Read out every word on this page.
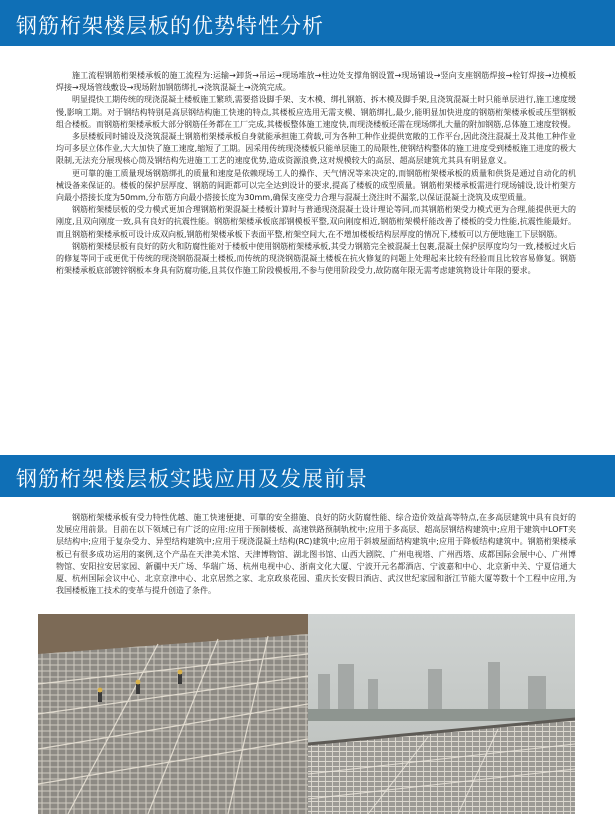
钢筋桁架楼层板的优势特性分析

施工流程钢筋桁架楼承板的施工流程为:运输→卸货→吊运→现场堆放→柱边处支撑角钢设置→现场铺设→竖向支座钢筋焊接→栓钉焊接→边模板焊接→现场管线敷设→现场附加钢筋绑扎→浇筑混凝土→浇筑完成。

明显提快工期传统的现浇混凝土楼板施工繁琐,需要搭设脚手架、支木模、绑扎钢筋、拆木模及脚手架,且浇筑混凝土时只能单层进行,施工速度缓慢,影响工期。对于钢结构特别是高层钢结构施工快速的特点,其楼板应选用无需支模、钢筋绑扎,最少,能明显加快进度的钢筋桁架楼承板或压型钢板组合楼板。而钢筋桁架楼承板大部分钢筋任务都在工厂完成,其楼板整体施工速度快,而现浇楼板还需在现场绑扎大量的附加钢筋,总体施工速度较慢。

多层楼板同时铺设及浇筑混凝土钢筋桁架楼承板自身就能承担施工荷载,可为各种工种作业提供宽敞的工作平台,因此浇注混凝土及其他工种作业均可多层立体作业,大大加快了施工速度,缩短了工期。因采用传统现浇楼板只能单层施工的局限性,使钢结构整体的施工进度受到楼板施工进度的极大限制,无法充分展现核心筒及钢结构先进施工工艺的速度优势,造成资源浪费,这对规模较大的高层、超高层建筑尤其具有明显意义。

更可靠的施工质量现场钢筋绑扎的质量和速度是依赖现场工人的操作、天气情况等来决定的,而钢筋桁架楼承板的质量和供货是通过自动化的机械设备来保证的。楼板的保护层厚度、钢筋的间距都可以完全达到设计的要求,提高了楼板的成型质量。钢筋桁架楼承板需进行现场铺设,设计桁架方向最小搭接长度为50mm,分布筋方向最小搭接长度为30mm,确保支座受力合理与混凝土浇注时不漏浆,以保证混凝土浇筑及成型质量。

钢筋桁架楼层板的受力模式更加合理钢筋桁架混凝土楼板计算时与普通现浇混凝土设计理论等同,而其钢筋桁架受力模式更为合理,能提供更大的刚度,且双向刚度一致,具有良好的抗震性能。钢筋桁架楼承板底部钢模板平整,双向刚度相近,钢筋桁架模杆能改善了楼板的受力性能,抗震性能最好。而且钢筋桁架楼承板可设计成双向板,钢筋桁架楼承板下表面平整,桁架空间大,在不增加楼板结构层厚度的情况下,楼板可以方便地施工下层钢筋。

钢筋桁架楼层板有良好的防火和防腐性能对于楼板中使用钢筋桁架楼承板,其受力钢筋完全被混凝土包裹,混凝土保护层厚度均匀一致,楼板过火后的修复等同于或更优于传统的现浇钢筋混凝土楼板,而传统的现浇钢筋混凝土楼板在抗火修复的问题上处理起来比较有经验而且比较容易修复。钢筋桁架楼承板底部镀锌钢板本身具有防腐功能,且其仅作施工阶段模板用,不参与使用阶段受力,故防腐年限无需考虑建筑物设计年限的要求。

钢筋桁架楼层板实践应用及发展前景

钢筋桁架楼承板有受力特性优越、施工快速便捷、可靠的安全措施、良好的防火防腐性能、综合造价效益高等特点,在多高层建筑中具有良好的发展应用前景。目前在以下领域已有广泛的应用:应用于预制楼板、高速铁路预制轨枕中;应用于多高层、超高层钢结构建筑中;应用于建筑中LOFT夹层结构中;应用于复杂受力、异型结构建筑中;应用于现浇混凝土结构(RC)建筑中;应用于斜坡屋面结构建筑中;应用于降板结构建筑中。钢筋桁架楼承板已有很多成功运用的案例,这个产品在天津美术馆、天津博物馆、湖北图书馆、山西大剧院、广州电视塔、广州西塔、成都国际会展中心、广州博物馆、安阳拉安居家园、新疆中天广场、华瑞广场、杭州电视中心、浙南文化大厦、宁波开元名都酒店、宁波嘉和中心、北京新中关、宁夏信通大厦、杭州国际会议中心、北京京津中心、北京居然之家、北京政泉花园、重庆长安假日酒店、武汉世纪家园和浙江节能大厦等数十个工程中应用,为我国楼板施工技术的变革与提升创造了条件。
